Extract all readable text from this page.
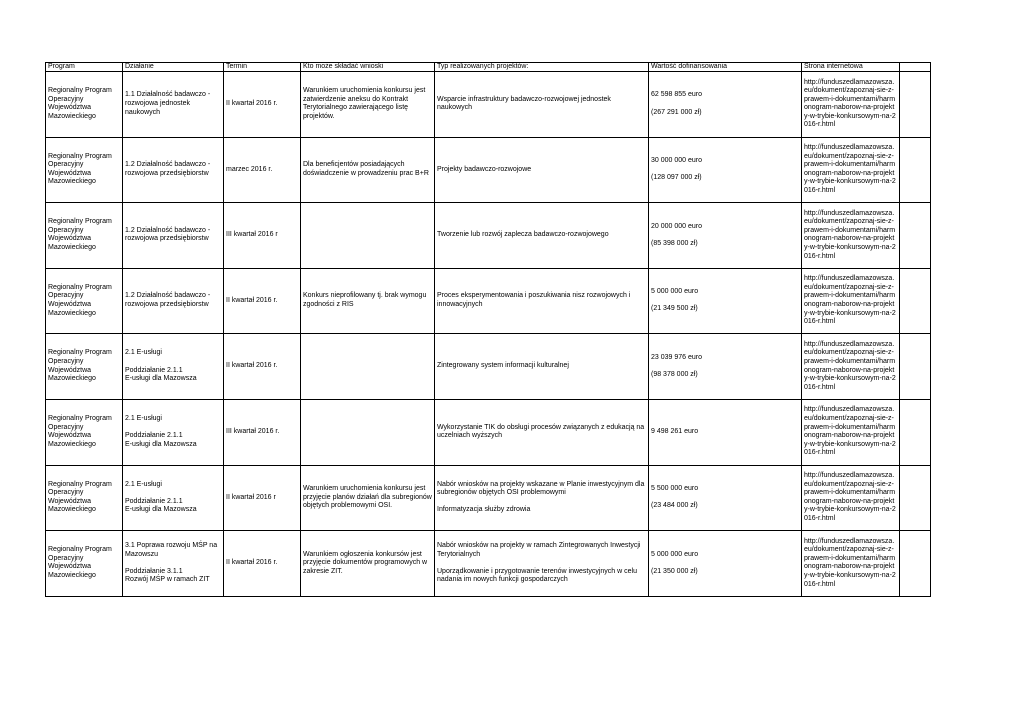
Program	Działanie	Termin	Kto może składać wnioski	Typ realizowanych projektów:	Wartość dofinansowania	Strona internetowa	

Regionalny Program Operacyjny Województwa Mazowieckiego	1.1 Działalność badawczo - rozwojowa jednostek naukowych	II kwartał 2016 r.	Warunkiem uruchomienia konkursu jest zatwierdzenie aneksu do Kontrakt Terytorialnego zawierającego listę projektów.	Wsparcie infrastruktury badawczo-rozwojowej jednostek naukowych	62 598 855 euro
(267 291 000 zł)	http://funduszedlamazowsza.eu/dokument/zapoznaj-sie-z-prawem-i-dokumentami/harmonogram-naborow-na-projekty-w-trybie-konkursowym-na-2016-r.html	

Regionalny Program Operacyjny Województwa Mazowieckiego	1.2 Działalność badawczo - rozwojowa przedsiębiorstw	marzec 2016 r.	Dla beneficjentów posiadających doświadczenie w prowadzeniu prac B+R	Projekty badawczo-rozwojowe	30 000 000 euro
(128 097 000 zł)	http://funduszedlamazowsza.eu/dokument/zapoznaj-sie-z-prawem-i-dokumentami/harmonogram-naborow-na-projekty-w-trybie-konkursowym-na-2016-r.html	

Regionalny Program Operacyjny Województwa Mazowieckiego	1.2 Działalność badawczo - rozwojowa przedsiębiorstw	III kwartał 2016 r		Tworzenie lub rozwój zaplecza badawczo-rozwojowego	20 000 000 euro
(85 398 000 zł)	http://funduszedlamazowsza.eu/dokument/zapoznaj-sie-z-prawem-i-dokumentami/harmonogram-naborow-na-projekty-w-trybie-konkursowym-na-2016-r.html	

Regionalny Program Operacyjny Województwa Mazowieckiego	1.2 Działalność badawczo - rozwojowa przedsiębiorstw	II kwartał 2016 r.	Konkurs nieprofilowany tj. brak wymogu zgodności z RIS	Proces eksperymentowania i poszukiwania nisz rozwojowych i innowacyjnych	5 000 000 euro
(21 349 500 zł)	http://funduszedlamazowsza.eu/dokument/zapoznaj-sie-z-prawem-i-dokumentami/harmonogram-naborow-na-projekty-w-trybie-konkursowym-na-2016-r.html	

Regionalny Program Operacyjny Województwa Mazowieckiego	2.1 E-usługi
Poddziałanie 2.1.1
E-usługi dla Mazowsza	II kwartał 2016 r.		Zintegrowany system informacji kulturalnej	23 039 976 euro
(98 378 000 zł)	http://funduszedlamazowsza.eu/dokument/zapoznaj-sie-z-prawem-i-dokumentami/harmonogram-naborow-na-projekty-w-trybie-konkursowym-na-2016-r.html	

Regionalny Program Operacyjny Województwa Mazowieckiego	2.1 E-usługi
Poddziałanie 2.1.1
E-usługi dla Mazowsza	III kwartał 2016 r.		Wykorzystanie TIK do obsługi procesów związanych z edukacją na uczelniach wyższych	9 498 261 euro	http://funduszedlamazowsza.eu/dokument/zapoznaj-sie-z-prawem-i-dokumentami/harmonogram-naborow-na-projekty-w-trybie-konkursowym-na-2016-r.html	

Regionalny Program Operacyjny Województwa Mazowieckiego	2.1 E-usługi
Poddziałanie 2.1.1
E-usługi dla Mazowsza	II kwartał 2016 r	Warunkiem uruchomienia konkursu jest przyjęcie planów działań dla subregionów objętych problemowymi OSI.	Nabór wniosków na projekty wskazane w Planie inwestycyjnym dla subregionów objętych OSI problemowymi
Informatyzacja służby zdrowia	5 500 000 euro
(23 484 000 zł)	http://funduszedlamazowsza.eu/dokument/zapoznaj-sie-z-prawem-i-dokumentami/harmonogram-naborow-na-projekty-w-trybie-konkursowym-na-2016-r.html	

Regionalny Program Operacyjny Województwa Mazowieckiego	3.1 Poprawa rozwoju MŚP na Mazowszu
Poddziałanie 3.1.1
Rozwój MŚP w ramach ZIT	II kwartał 2016 r.	Warunkiem ogłoszenia konkursów jest przyjęcie dokumentów programowych w zakresie ZIT.	Nabór wniosków na projekty w ramach Zintegrowanych Inwestycji Terytorialnych
Uporządkowanie i przygotowanie terenów inwestycyjnych w celu nadania im nowych funkcji gospodarczych	5 000 000 euro
(21 350 000 zł)	http://funduszedlamazowsza.eu/dokument/zapoznaj-sie-z-prawem-i-dokumentami/harmonogram-naborow-na-projekty-w-trybie-konkursowym-na-2016-r.html	
